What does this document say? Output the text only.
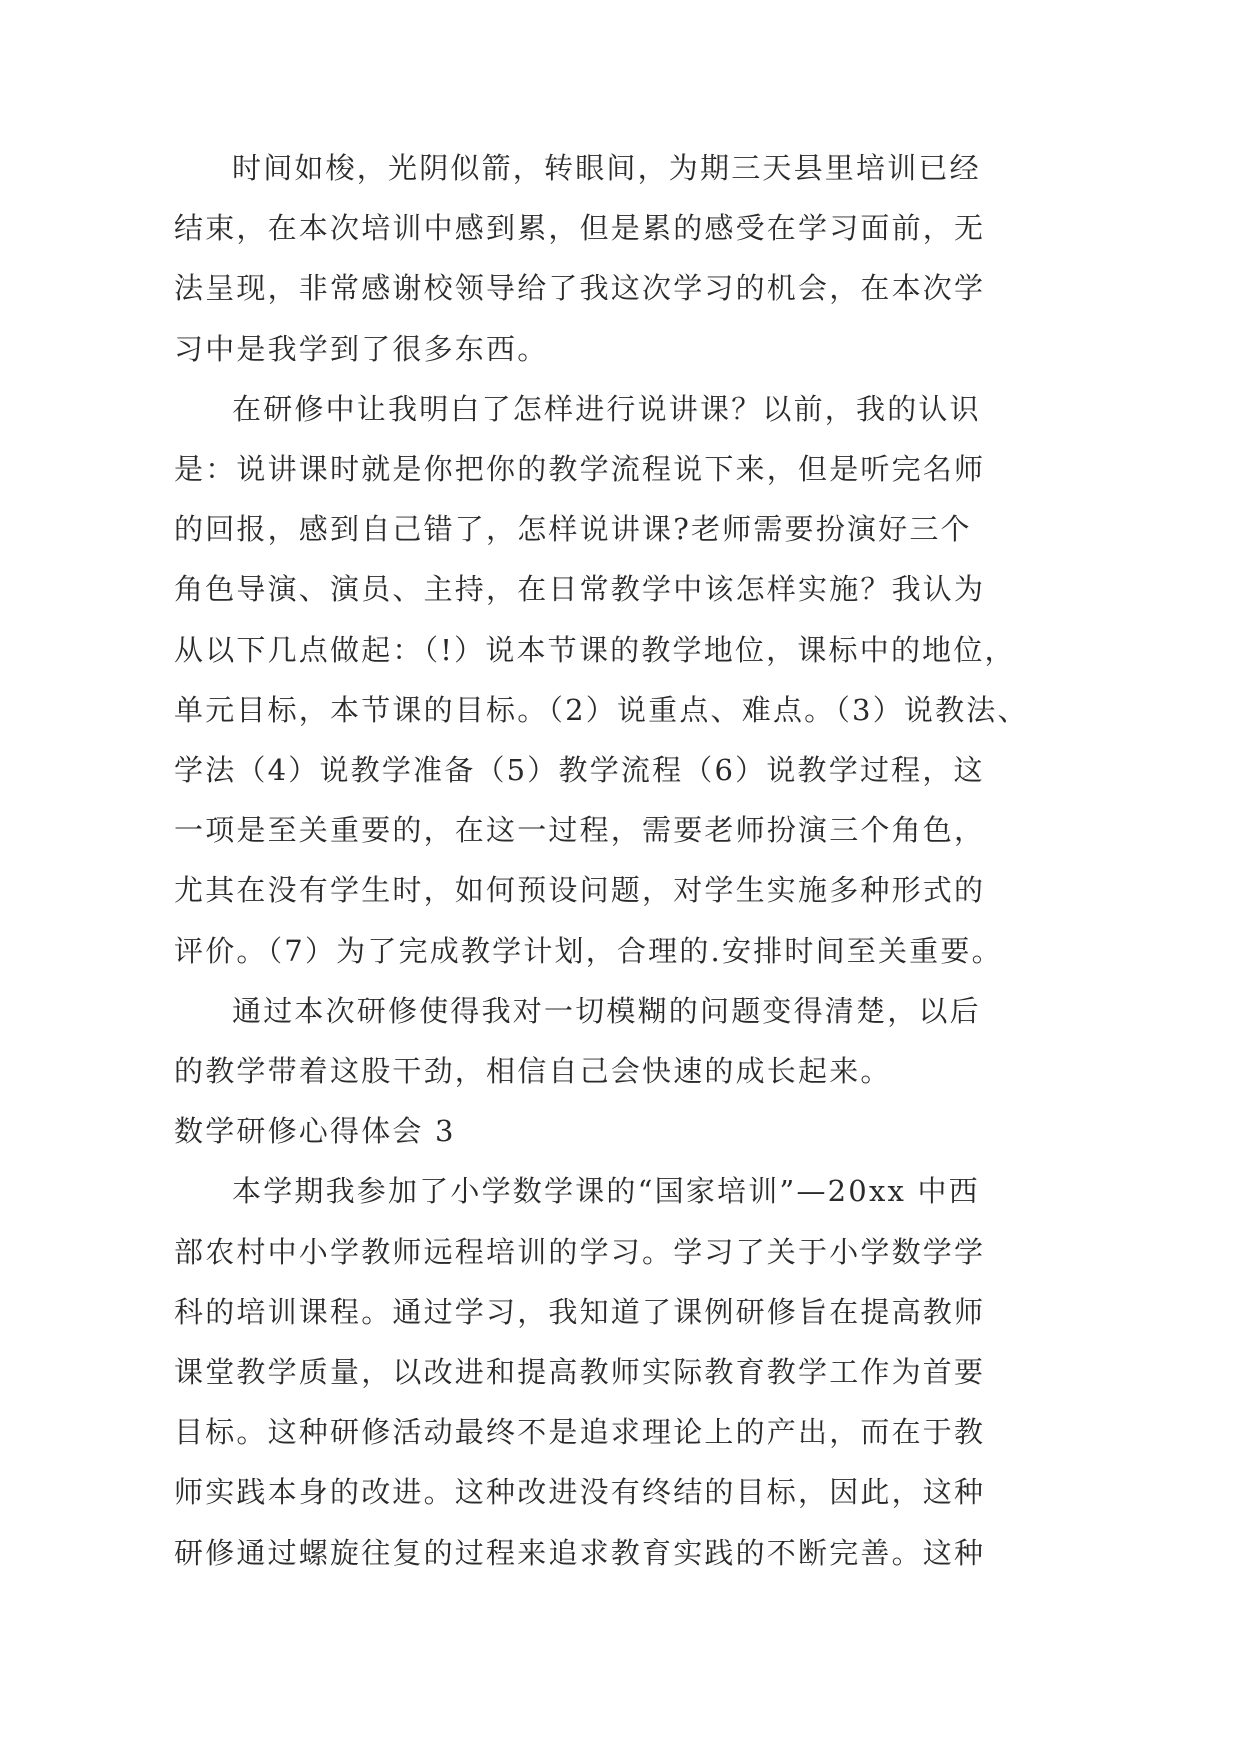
时间如梭，光阴似箭，转眼间，为期三天县里培训已经
结束，在本次培训中感到累，但是累的感受在学习面前，无
法呈现，非常感谢校领导给了我这次学习的机会，在本次学
习中是我学到了很多东西。

在研修中让我明白了怎样进行说讲课？以前，我的认识
是：说讲课时就是你把你的教学流程说下来，但是听完名师
的回报，感到自己错了，怎样说讲课?老师需要扮演好三个
角色导演、演员、主持，在日常教学中该怎样实施？我认为
从以下几点做起：（!）说本节课的教学地位，课标中的地位，
单元目标，本节课的目标。（2）说重点、难点。（3）说教法、
学法（4）说教学准备（5）教学流程（6）说教学过程，这
一项是至关重要的，在这一过程，需要老师扮演三个角色，
尤其在没有学生时，如何预设问题，对学生实施多种形式的
评价。（7）为了完成教学计划，合理的.安排时间至关重要。

通过本次研修使得我对一切模糊的问题变得清楚，以后
的教学带着这股干劲，相信自己会快速的成长起来。

数学研修心得体会 3

本学期我参加了小学数学课的“国家培训”—20xx 中西
部农村中小学教师远程培训的学习。学习了关于小学数学学
科的培训课程。通过学习，我知道了课例研修旨在提高教师
课堂教学质量，以改进和提高教师实际教育教学工作为首要
目标。这种研修活动最终不是追求理论上的产出，而在于教
师实践本身的改进。这种改进没有终结的目标，因此，这种
研修通过螺旋往复的过程来追求教育实践的不断完善。这种
